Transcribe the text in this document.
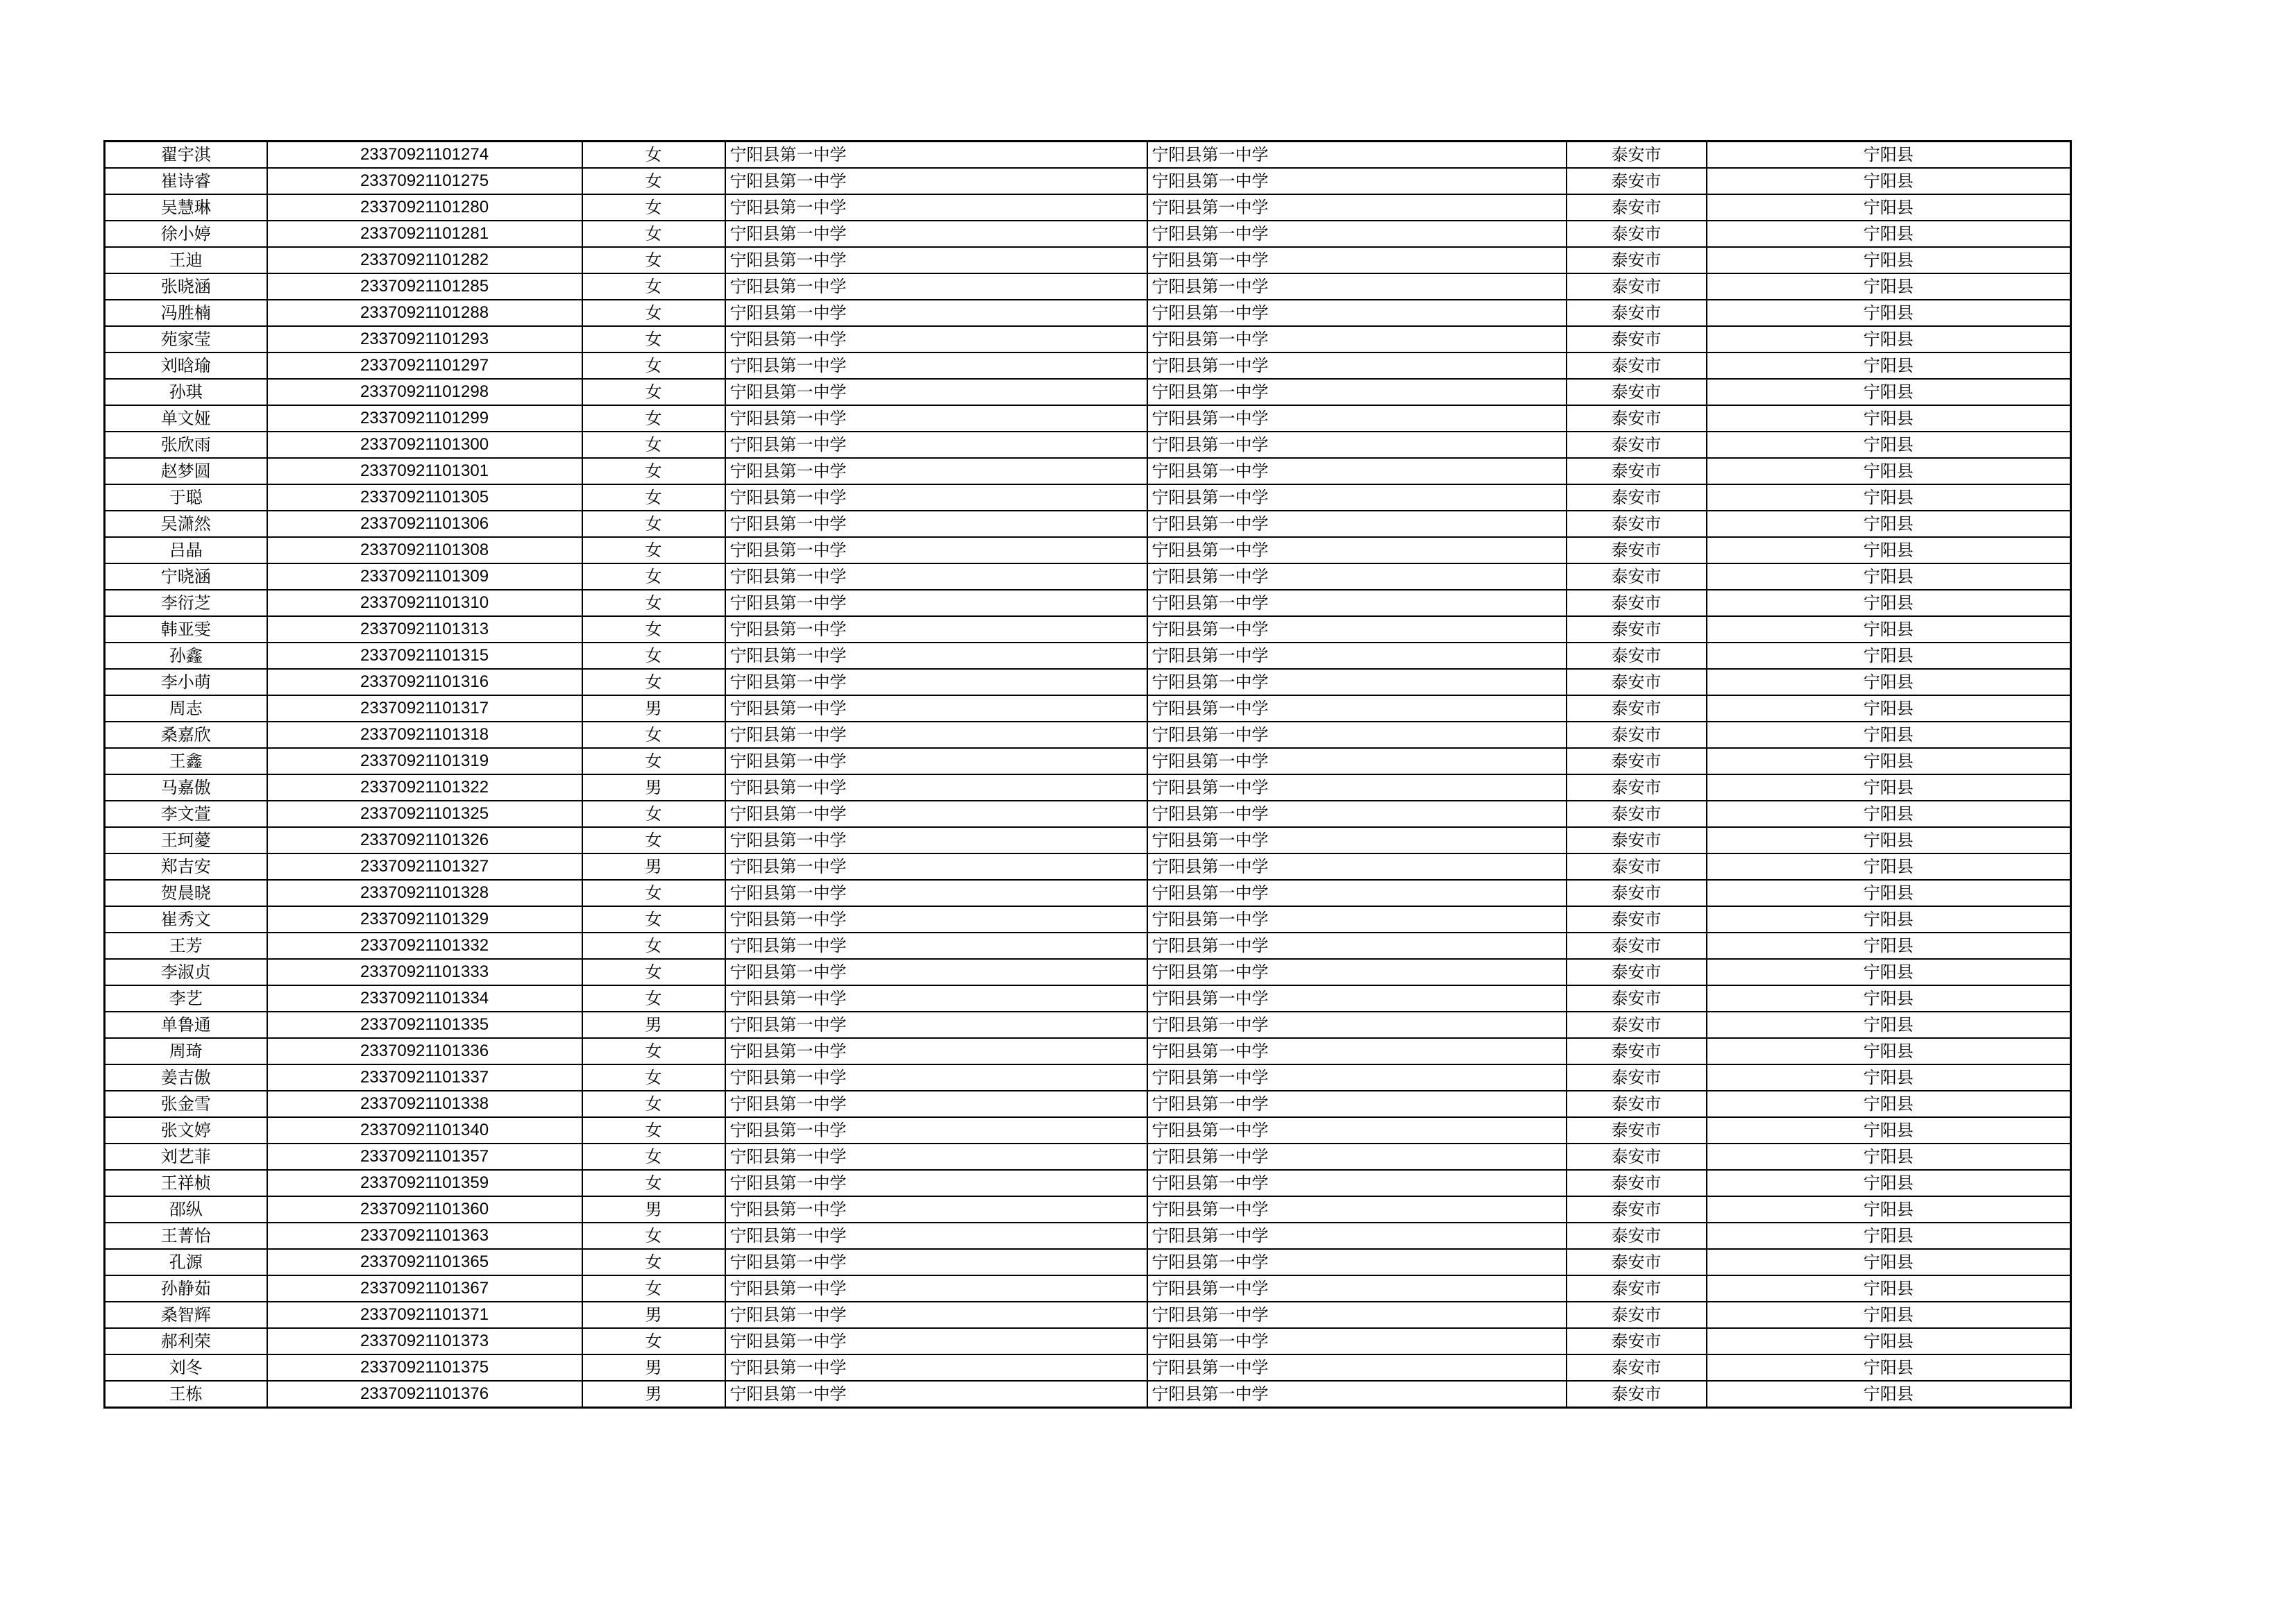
翟宇淇	23370921101274	女	宁阳县第一中学	宁阳县第一中学	泰安市	宁阳县
崔诗睿	23370921101275	女	宁阳县第一中学	宁阳县第一中学	泰安市	宁阳县
吴慧琳	23370921101280	女	宁阳县第一中学	宁阳县第一中学	泰安市	宁阳县
徐小婷	23370921101281	女	宁阳县第一中学	宁阳县第一中学	泰安市	宁阳县
王迪	23370921101282	女	宁阳县第一中学	宁阳县第一中学	泰安市	宁阳县
张晓涵	23370921101285	女	宁阳县第一中学	宁阳县第一中学	泰安市	宁阳县
冯胜楠	23370921101288	女	宁阳县第一中学	宁阳县第一中学	泰安市	宁阳县
苑家莹	23370921101293	女	宁阳县第一中学	宁阳县第一中学	泰安市	宁阳县
刘晗瑜	23370921101297	女	宁阳县第一中学	宁阳县第一中学	泰安市	宁阳县
孙琪	23370921101298	女	宁阳县第一中学	宁阳县第一中学	泰安市	宁阳县
单文娅	23370921101299	女	宁阳县第一中学	宁阳县第一中学	泰安市	宁阳县
张欣雨	23370921101300	女	宁阳县第一中学	宁阳县第一中学	泰安市	宁阳县
赵梦圆	23370921101301	女	宁阳县第一中学	宁阳县第一中学	泰安市	宁阳县
于聪	23370921101305	女	宁阳县第一中学	宁阳县第一中学	泰安市	宁阳县
吴潇然	23370921101306	女	宁阳县第一中学	宁阳县第一中学	泰安市	宁阳县
吕晶	23370921101308	女	宁阳县第一中学	宁阳县第一中学	泰安市	宁阳县
宁晓涵	23370921101309	女	宁阳县第一中学	宁阳县第一中学	泰安市	宁阳县
李衍芝	23370921101310	女	宁阳县第一中学	宁阳县第一中学	泰安市	宁阳县
韩亚雯	23370921101313	女	宁阳县第一中学	宁阳县第一中学	泰安市	宁阳县
孙鑫	23370921101315	女	宁阳县第一中学	宁阳县第一中学	泰安市	宁阳县
李小萌	23370921101316	女	宁阳县第一中学	宁阳县第一中学	泰安市	宁阳县
周志	23370921101317	男	宁阳县第一中学	宁阳县第一中学	泰安市	宁阳县
桑嘉欣	23370921101318	女	宁阳县第一中学	宁阳县第一中学	泰安市	宁阳县
王鑫	23370921101319	女	宁阳县第一中学	宁阳县第一中学	泰安市	宁阳县
马嘉傲	23370921101322	男	宁阳县第一中学	宁阳县第一中学	泰安市	宁阳县
李文萱	23370921101325	女	宁阳县第一中学	宁阳县第一中学	泰安市	宁阳县
王珂薆	23370921101326	女	宁阳县第一中学	宁阳县第一中学	泰安市	宁阳县
郑吉安	23370921101327	男	宁阳县第一中学	宁阳县第一中学	泰安市	宁阳县
贺晨晓	23370921101328	女	宁阳县第一中学	宁阳县第一中学	泰安市	宁阳县
崔秀文	23370921101329	女	宁阳县第一中学	宁阳县第一中学	泰安市	宁阳县
王芳	23370921101332	女	宁阳县第一中学	宁阳县第一中学	泰安市	宁阳县
李淑贞	23370921101333	女	宁阳县第一中学	宁阳县第一中学	泰安市	宁阳县
李艺	23370921101334	女	宁阳县第一中学	宁阳县第一中学	泰安市	宁阳县
单鲁通	23370921101335	男	宁阳县第一中学	宁阳县第一中学	泰安市	宁阳县
周琦	23370921101336	女	宁阳县第一中学	宁阳县第一中学	泰安市	宁阳县
姜吉傲	23370921101337	女	宁阳县第一中学	宁阳县第一中学	泰安市	宁阳县
张金雪	23370921101338	女	宁阳县第一中学	宁阳县第一中学	泰安市	宁阳县
张文婷	23370921101340	女	宁阳县第一中学	宁阳县第一中学	泰安市	宁阳县
刘艺菲	23370921101357	女	宁阳县第一中学	宁阳县第一中学	泰安市	宁阳县
王祥桢	23370921101359	女	宁阳县第一中学	宁阳县第一中学	泰安市	宁阳县
邵纵	23370921101360	男	宁阳县第一中学	宁阳县第一中学	泰安市	宁阳县
王菁怡	23370921101363	女	宁阳县第一中学	宁阳县第一中学	泰安市	宁阳县
孔源	23370921101365	女	宁阳县第一中学	宁阳县第一中学	泰安市	宁阳县
孙静茹	23370921101367	女	宁阳县第一中学	宁阳县第一中学	泰安市	宁阳县
桑智辉	23370921101371	男	宁阳县第一中学	宁阳县第一中学	泰安市	宁阳县
郝利荣	23370921101373	女	宁阳县第一中学	宁阳县第一中学	泰安市	宁阳县
刘冬	23370921101375	男	宁阳县第一中学	宁阳县第一中学	泰安市	宁阳县
王栋	23370921101376	男	宁阳县第一中学	宁阳县第一中学	泰安市	宁阳县
